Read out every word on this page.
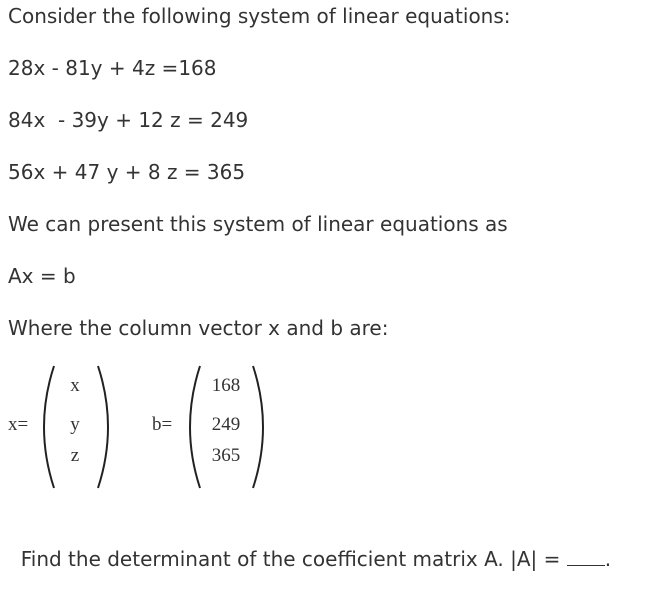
Consider the following system of linear equations:
28x - 81y + 4z =168
84x  - 39y + 12 z = 249
56x + 47 y + 8 z = 365
We can present this system of linear equations as
Ax = b
Where the column vector x and b are:
x=
x
y
z
b=
168
249
365

Find the determinant of the coefficient matrix A. |A| = .
